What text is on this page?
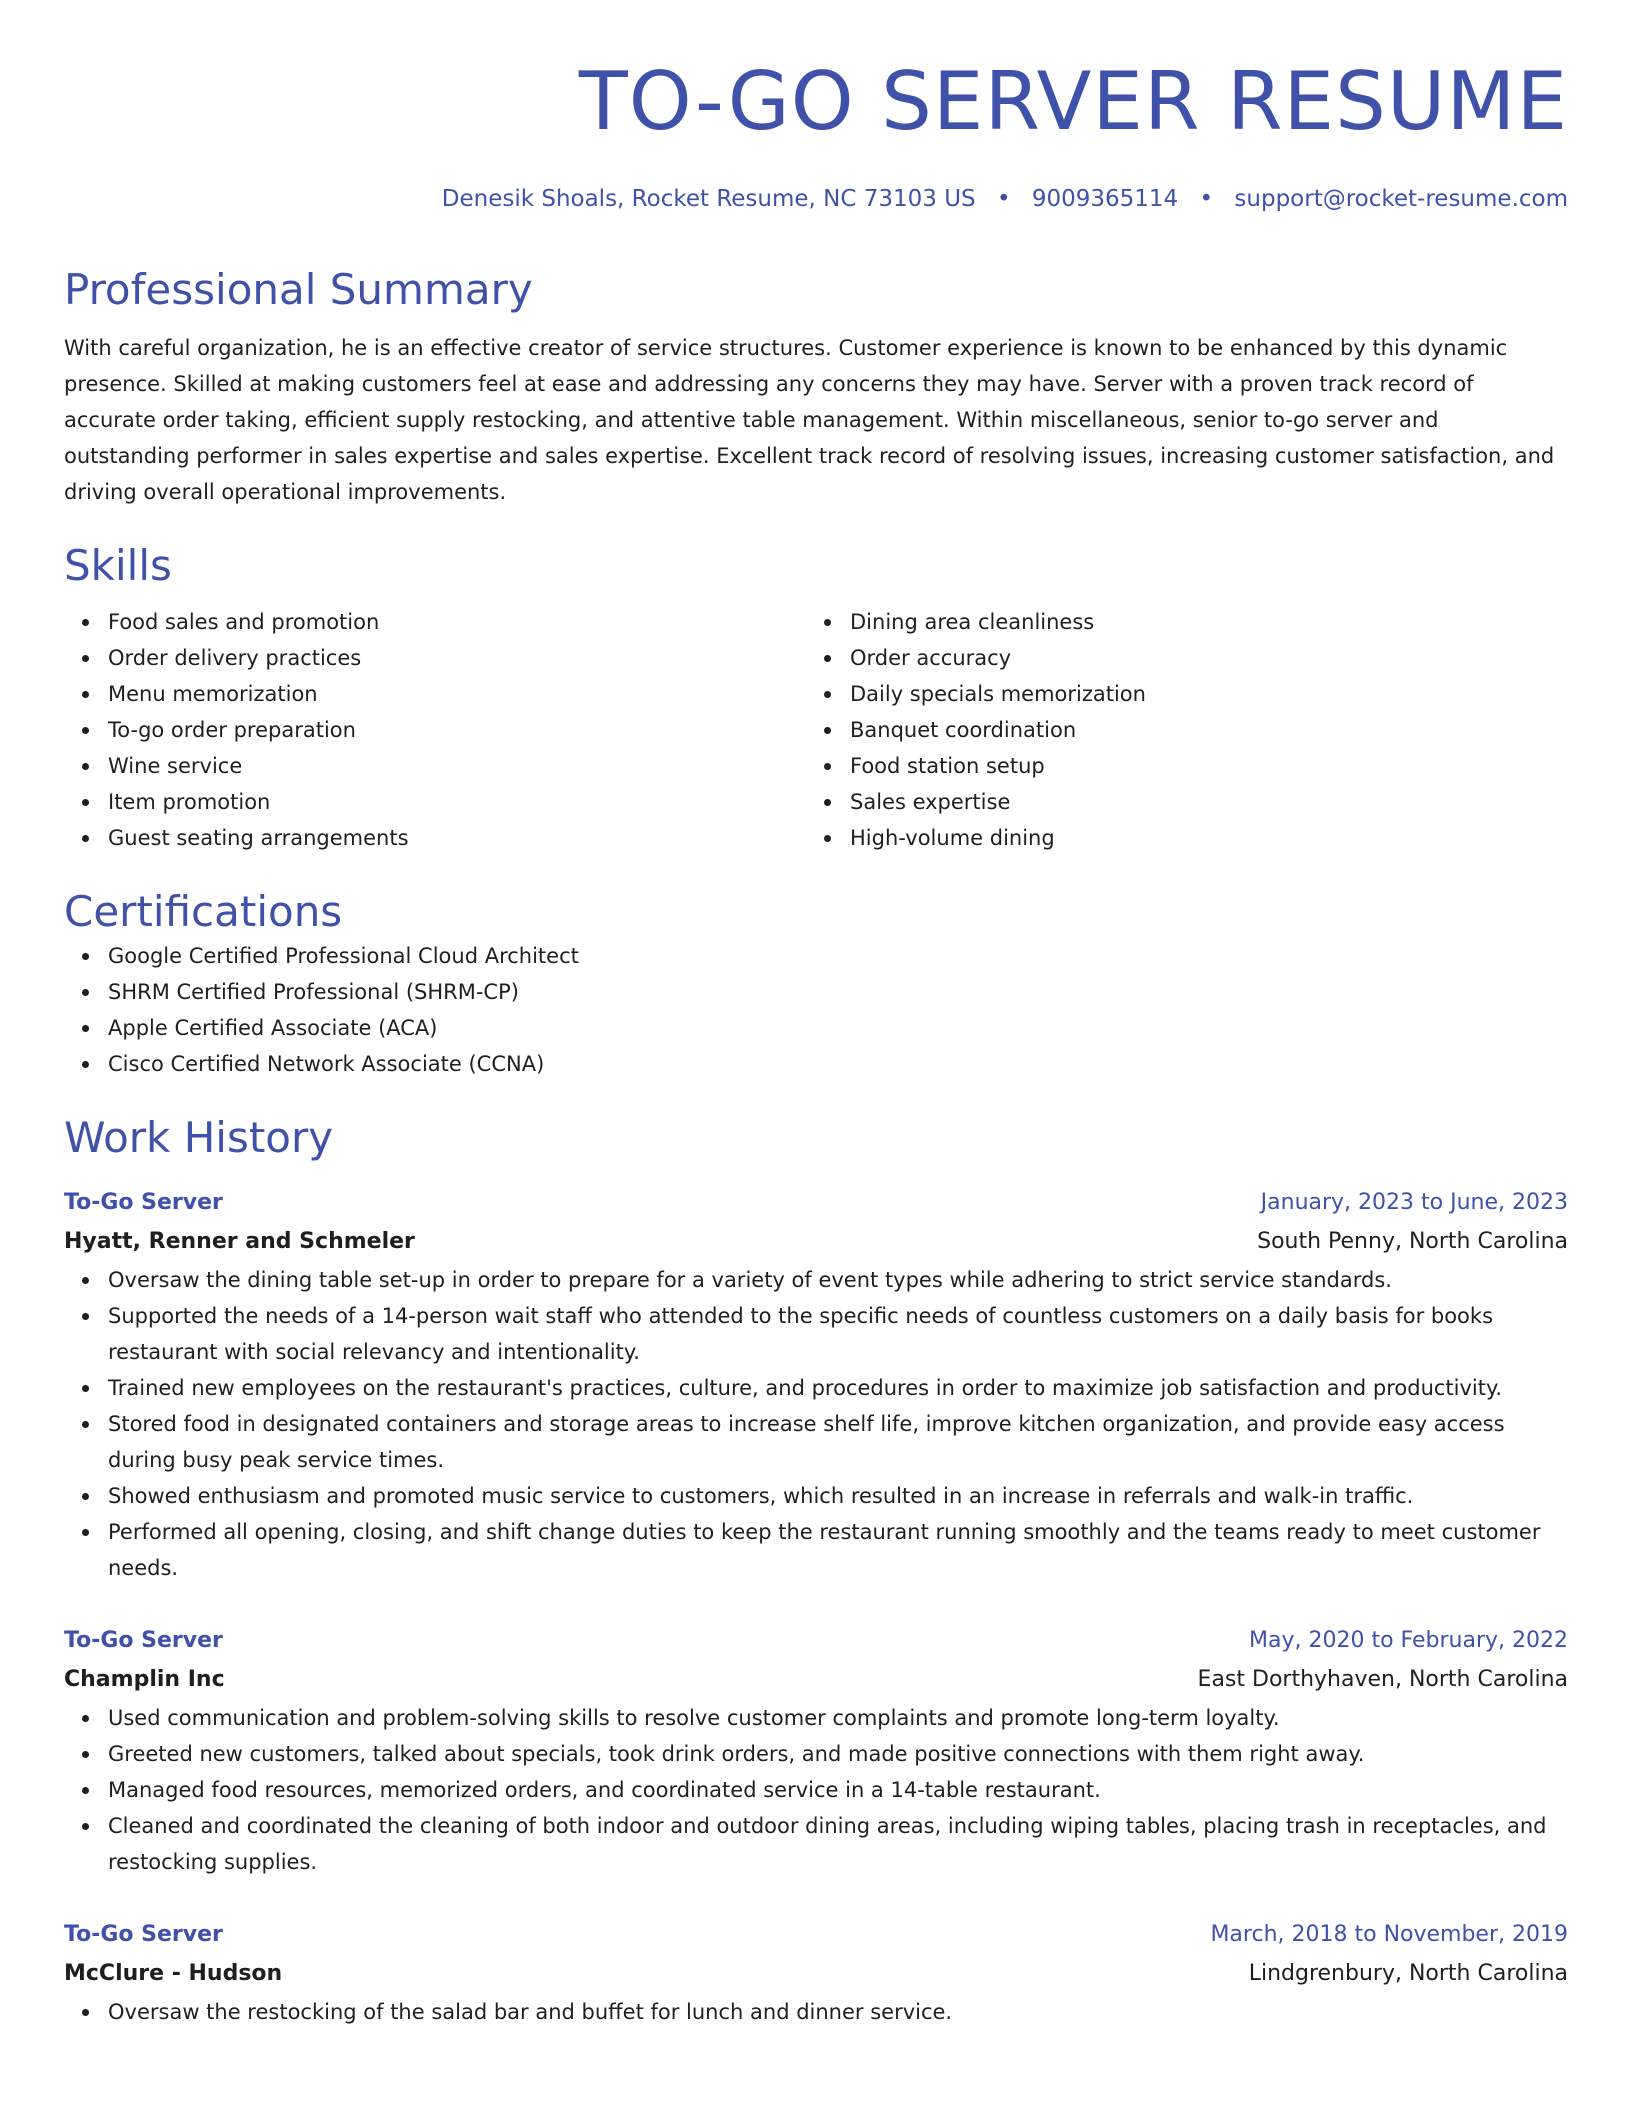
TO-GO SERVER RESUME
Denesik Shoals, Rocket Resume, NC 73103 US • 9009365114 • support@rocket-resume.com
Professional Summary

With careful organization, he is an effective creator of service structures. Customer experience is known to be enhanced by this dynamic presence. Skilled at making customers feel at ease and addressing any concerns they may have. Server with a proven track record of accurate order taking, efficient supply restocking, and attentive table management. Within miscellaneous, senior to-go server and outstanding performer in sales expertise and sales expertise. Excellent track record of resolving issues, increasing customer satisfaction, and driving overall operational improvements.

Skills
Food sales and promotion
Order delivery practices
Menu memorization
To-go order preparation
Wine service
Item promotion
Guest seating arrangements
Dining area cleanliness
Order accuracy
Daily specials memorization
Banquet coordination
Food station setup
Sales expertise
High-volume dining
Certifications
Google Certified Professional Cloud Architect
SHRM Certified Professional (SHRM-CP)
Apple Certified Associate (ACA)
Cisco Certified Network Associate (CCNA)
Work History
To-Go Server	January, 2023 to June, 2023
Hyatt, Renner and Schmeler	South Penny, North Carolina
Oversaw the dining table set-up in order to prepare for a variety of event types while adhering to strict service standards.
Supported the needs of a 14-person wait staff who attended to the specific needs of countless customers on a daily basis for books restaurant with social relevancy and intentionality.
Trained new employees on the restaurant's practices, culture, and procedures in order to maximize job satisfaction and productivity.
Stored food in designated containers and storage areas to increase shelf life, improve kitchen organization, and provide easy access during busy peak service times.
Showed enthusiasm and promoted music service to customers, which resulted in an increase in referrals and walk-in traffic.
Performed all opening, closing, and shift change duties to keep the restaurant running smoothly and the teams ready to meet customer needs.
To-Go Server	May, 2020 to February, 2022
Champlin Inc	East Dorthyhaven, North Carolina
Used communication and problem-solving skills to resolve customer complaints and promote long-term loyalty.
Greeted new customers, talked about specials, took drink orders, and made positive connections with them right away.
Managed food resources, memorized orders, and coordinated service in a 14-table restaurant.
Cleaned and coordinated the cleaning of both indoor and outdoor dining areas, including wiping tables, placing trash in receptacles, and restocking supplies.
To-Go Server	March, 2018 to November, 2019
McClure - Hudson	Lindgrenbury, North Carolina
Oversaw the restocking of the salad bar and buffet for lunch and dinner service.
